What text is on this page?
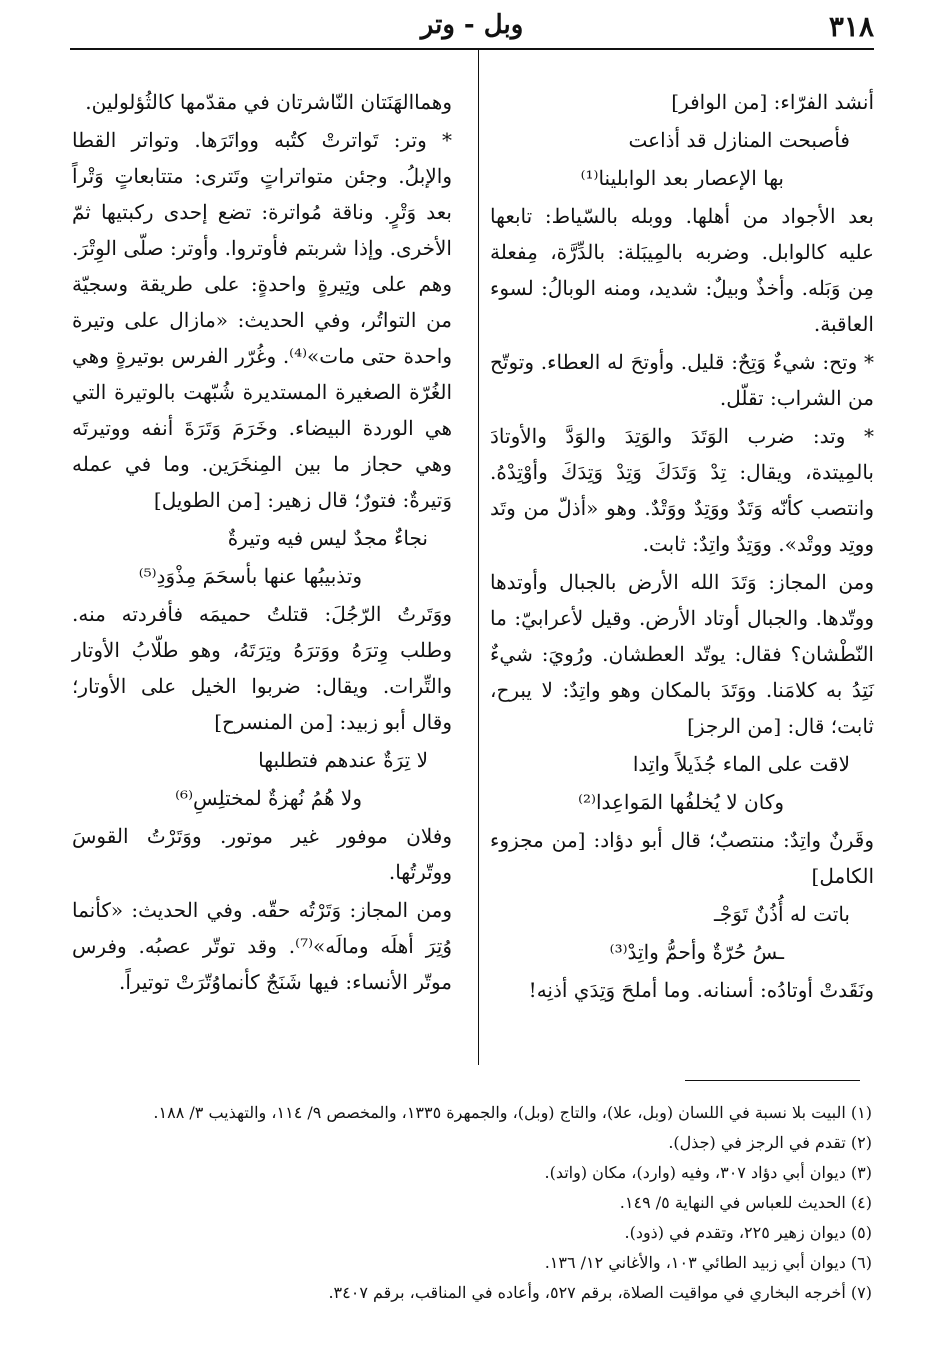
٣١٨
وبل - وتر

أنشد الفرّاء: [من الوافر]

فأصبحت المنازل قد أذاعت

بها الإعصار بعد الوابلينا⁽¹⁾

بعد الأجواد من أهلها. ووبله بالسّياط: تابعها عليه كالوابل. وضربه بالمِيبَلة: بالدِّرَّة، مِفعلة مِن وَبَله. وأخذٌ وبيلٌ: شديد، ومنه الوبالُ: لسوء العاقبة.

* وتح: شيءٌ وَتِحٌ: قليل. وأوتحَ له العطاء. وتوتّح من الشراب: تقلّل.

* وتد: ضرب الوَتَدَ والوَتِدَ والوَدَّ والأوتادَ بالمِيتدة، ويقال: تِدْ وَتَدَكَ وَتِدْ وَتِدَكَ وأوْتِدْهُ. وانتصب كأنّه وَتَدٌ ووَتِدٌ ووَتْدٌ. وهو «أذلّ من وتَد ووتِد ووتْد». ووَتِدٌ واتِدٌ: ثابت.

ومن المجاز: وَتَدَ الله الأرض بالجبال وأوتدها ووتّدها. والجبال أوتاد الأرض. وقيل لأعرابيّ: ما النّطْشان؟ فقال: يوتّد العطشان. ورُويَ: شيءٌ نَتِدُ به كلامَنا. ووَتَدَ بالمكان وهو واتِدٌ: لا يبرح، ثابت؛ قال: [من الرجز]

لاقت على الماء جُذَيلاً واتِدا

وكان لا يُخلفُها المَواعِدا⁽²⁾

وقَرنٌ واتِدٌ: منتصبٌ؛ قال أبو دؤاد: [من مجزوء الكامل]

باتت له أُذُنٌ تَوَجْـ

ـسُ حُرّةٌ وأحمُّ واتِدْ⁽³⁾

ونَقَدتْ أوتادُه: أسنانه. وما أملحَ وَتِدَي أذنِه!

وهماالهَنَتان النّاشرتان في مقدّمها كالثُؤلولين.

* وتر: تَواترتْ كتُبه وواتَرَها. وتواتر القطا والإبلُ. وجئن متواتراتٍ وتَترى: متتابعاتٍ وَتْراً بعد وَتْرٍ. وناقة مُواترة: تضع إحدى ركبتيها ثمّ الأخرى. وإذا شربتم فأوتروا. وأوتر: صلّى الوِتْرَ. وهم على وتِيرةٍ واحدةٍ: على طريقة وسجيّة من التواتُر، وفي الحديث: «مازال على وتيرة واحدة حتى مات»⁽⁴⁾. وغُرّر الفرس بوتيرةٍ وهي الغُرّة الصغيرة المستديرة شُبّهت بالوتيرة التي هي الوردة البيضاء. وخَرَمَ وَتَرَةَ أنفه ووتيرتَه وهي حجاز ما بين المِنخَرَين. وما في عمله وَتيرةٌ: فتورٌ؛ قال زهير: [من الطويل]

نجاءٌ مجدٌ ليس فيه وتيرةٌ

وتذبيبُها عنها بأسحَمَ مِذْوَدِ⁽⁵⁾

ووَتَرتُ الرّجُلَ: قتلتُ حميمَه فأفردته منه. وطلب وِترَهُ ووَترَهُ وتِرَتَهُ، وهو طلّابُ الأوتار والتِّرات. ويقال: ضربوا الخيل على الأوتار؛ وقال أبو زبيد: [من المنسرح]

لا تِرَةٌ عندهم فتطلبها

ولا هُمُ نُهزةٌ لمختلِسِ⁽⁶⁾

وفلان موفور غير موتور. ووَتَرْتُ القوسَ ووتّرتُها.

ومن المجاز: وَتَرْتُه حقّه. وفي الحديث: «كأنما وُتِرَ أهلَه ومالَه»⁽⁷⁾. وقد توتّر عصبُه. وفرس موتّر الأنساء: فيها شَنَجٌ كأنماوُتّرَتْ توتيراً.

(١) البيت بلا نسبة في اللسان (وبل، علا)، والتاج (وبل)، والجمهرة ١٣٣٥، والمخصص ٩/ ١١٤، والتهذيب ٣/ ١٨٨.
(٢) تقدم في الرجز في (جذل).
(٣) ديوان أبي دؤاد ٣٠٧، وفيه (وارد)، مكان (واتد).
(٤) الحديث للعباس في النهاية ٥/ ١٤٩.
(٥) ديوان زهير ٢٢٥، وتقدم في (ذود).
(٦) ديوان أبي زبيد الطائي ١٠٣، والأغاني ١٢/ ١٣٦.
(٧) أخرجه البخاري في مواقيت الصلاة، برقم ٥٢٧، وأعاده في المناقب، برقم ٣٤٠٧.
